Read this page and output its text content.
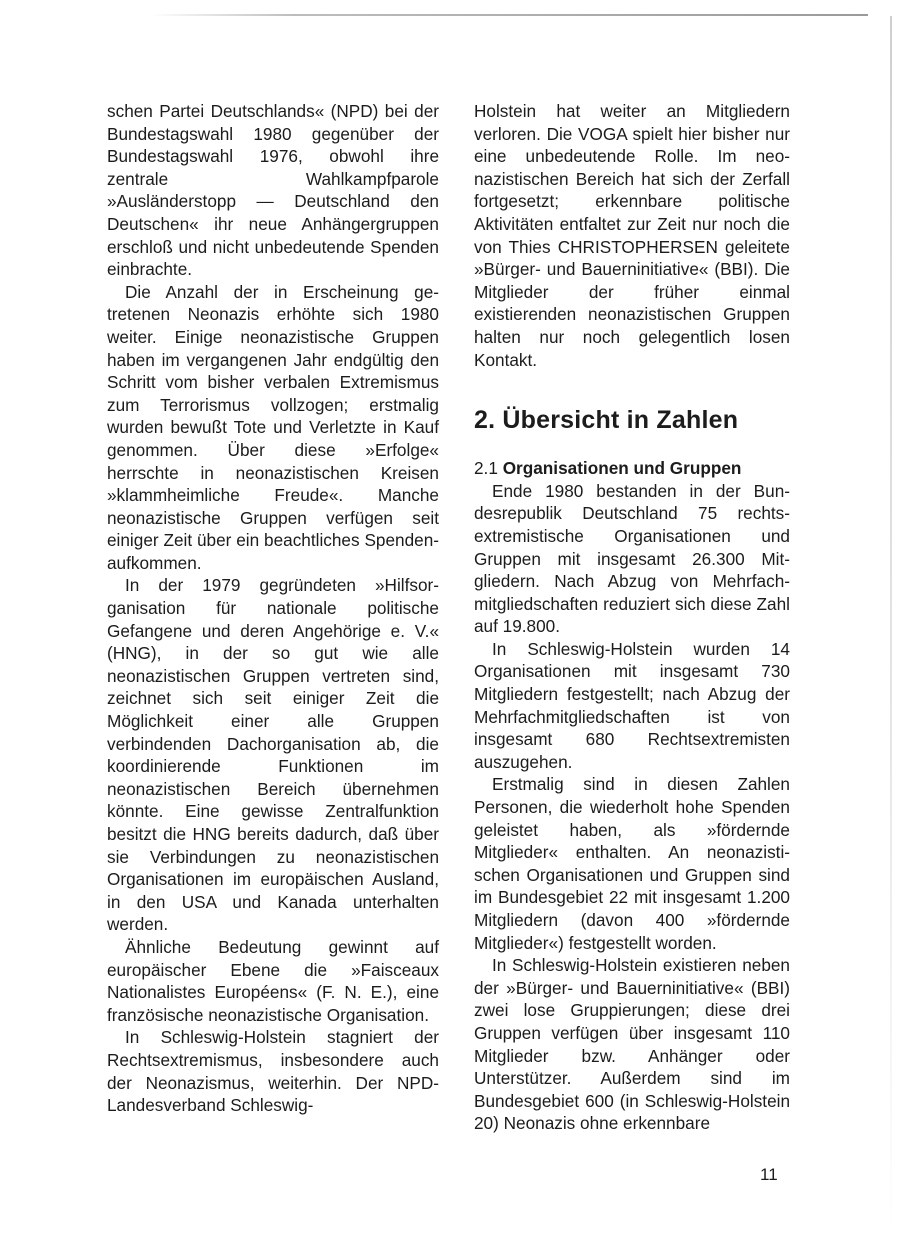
schen Partei Deutschlands« (NPD) bei der Bundestagswahl 1980 gegenüber der Bundestagswahl 1976, obwohl ihre zentrale Wahlkampfparole »Ausländerstopp — Deutschland den Deutschen« ihr neue Anhängergruppen erschloß und nicht unbedeutende Spenden einbrachte.

Die Anzahl der in Erscheinung getretenen Neonazis erhöhte sich 1980 weiter. Einige neonazistische Gruppen haben im vergangenen Jahr endgültig den Schritt vom bisher verbalen Extremismus zum Terrorismus vollzogen; erstmalig wurden bewußt Tote und Verletzte in Kauf genommen. Über diese »Erfolge« herrschte in neonazistischen Kreisen »klammheimliche Freude«. Manche neonazistische Gruppen verfügen seit einiger Zeit über ein beachtliches Spendenaufkommen.

In der 1979 gegründeten »Hilfsorganisation für nationale politische Gefangene und deren Angehörige e. V.« (HNG), in der so gut wie alle neonazistischen Gruppen vertreten sind, zeichnet sich seit einiger Zeit die Möglichkeit einer alle Gruppen verbindenden Dachorganisation ab, die koordinierende Funktionen im neonazistischen Bereich übernehmen könnte. Eine gewisse Zentralfunktion besitzt die HNG bereits dadurch, daß über sie Verbindungen zu neonazistischen Organisationen im europäischen Ausland, in den USA und Kanada unterhalten werden.

Ähnliche Bedeutung gewinnt auf europäischer Ebene die »Faisceaux Nationalistes Européens« (F. N. E.), eine französische neonazistische Organisation.

In Schleswig-Holstein stagniert der Rechtsextremismus, insbesondere auch der Neonazismus, weiterhin. Der NPD-Landesverband Schleswig-

Holstein hat weiter an Mitgliedern verloren. Die VOGA spielt hier bisher nur eine unbedeutende Rolle. Im neonazistischen Bereich hat sich der Zerfall fortgesetzt; erkennbare politische Aktivitäten entfaltet zur Zeit nur noch die von Thies CHRISTOPHERSEN geleitete »Bürger- und Bauerninitiative« (BBI). Die Mitglieder der früher einmal existierenden neonazistischen Gruppen halten nur noch gelegentlich losen Kontakt.

2. Übersicht in Zahlen
2.1 Organisationen und Gruppen

Ende 1980 bestanden in der Bundesrepublik Deutschland 75 rechtsextremistische Organisationen und Gruppen mit insgesamt 26.300 Mitgliedern. Nach Abzug von Mehrfachmitgliedschaften reduziert sich diese Zahl auf 19.800.

In Schleswig-Holstein wurden 14 Organisationen mit insgesamt 730 Mitgliedern festgestellt; nach Abzug der Mehrfachmitgliedschaften ist von insgesamt 680 Rechtsextremisten auszugehen.

Erstmalig sind in diesen Zahlen Personen, die wiederholt hohe Spenden geleistet haben, als »fördernde Mitglieder« enthalten. An neonazistischen Organisationen und Gruppen sind im Bundesgebiet 22 mit insgesamt 1.200 Mitgliedern (davon 400 »fördernde Mitglieder«) festgestellt worden.

In Schleswig-Holstein existieren neben der »Bürger- und Bauerninitiative« (BBI) zwei lose Gruppierungen; diese drei Gruppen verfügen über insgesamt 110 Mitglieder bzw. Anhänger oder Unterstützer. Außerdem sind im Bundesgebiet 600 (in Schleswig-Holstein 20) Neonazis ohne erkennbare

11
